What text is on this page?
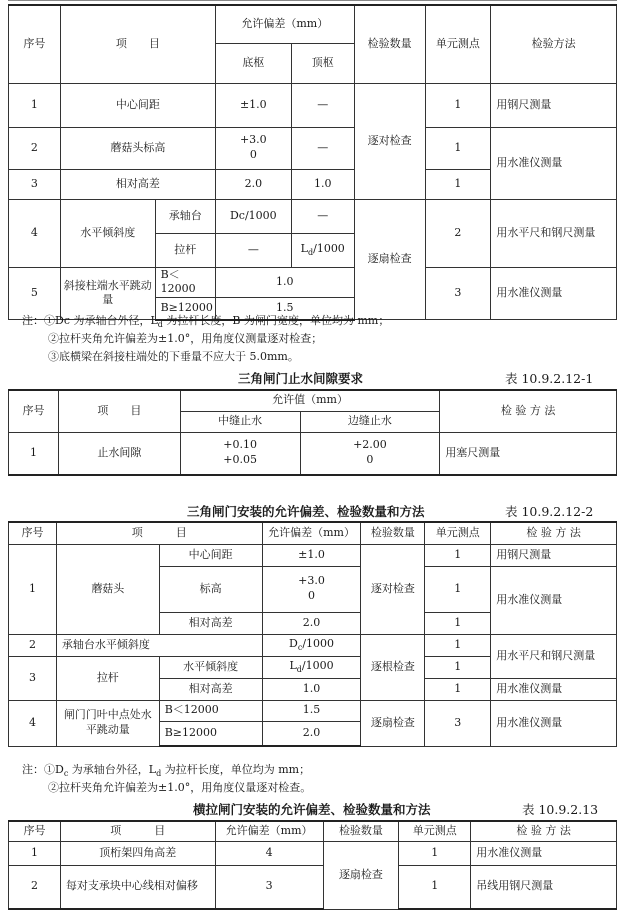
序号	项　　目		允许偏差（mm）		检验数量	单元测点	检验方法
			底枢	顶枢			
1	中心间距		±1.0	—	逐对检查	1	用钢尺测量
2	蘑菇头标高		+3.0
0	—		1	用水准仪测量
3	相对高差		2.0	1.0		1	
4	水平倾斜度	承轴台	Dc/1000	—	逐扇检查	2	用水平尺和钢尺测量
		拉杆	—	$L_d/1000$			
5	斜接柱端水平跳动量	B＜12000	1.0			3	用水准仪测量
		B≥12000	1.5				
注：①Dc 为承轴台外径，$L_d$ 为拉杆长度，B 为闸门宽度，单位均为 mm；
②拉杆夹角允许偏差为±1.0°，用角度仪测量逐对检查；
③底横梁在斜接柱端处的下垂量不应大于 5.0mm。
三角闸门止水间隙要求	表 10.9.2.12-1
序号	项　　目	允许值（mm）		检 验 方 法
		中缝止水	边缝止水	
1	止水间隙	+0.10
+0.05	+2.00
0	用塞尺测量
三角闸门安装的允许偏差、检验数量和方法	表 10.9.2.12-2
序号	项　　　目		允许偏差（mm）	检验数量	单元测点	检 验 方 法
1	蘑菇头	中心间距	±1.0	逐对检查	1	用钢尺测量
		标高	+3.0
0		1	用水准仪测量
		相对高差	2.0		1	
2	承轴台水平倾斜度		$D_c/1000$	逐根检查	1	用水平尺和钢尺测量
3	拉杆	水平倾斜度	$L_d/1000$		1	
		相对高差	1.0		1	用水准仪测量
4	闸门门叶中点处水平跳动量	B＜12000	1.5	逐扇检查	3	用水准仪测量
		B≥12000	2.0			
注：$①D_c$ 为承轴台外径，$L_d$ 为拉杆长度，单位均为 mm；
②拉杆夹角允许偏差为±1.0°，用角度仪量逐对检查。
横拉闸门安装的允许偏差、检验数量和方法	表 10.9.2.13
序号	项　　　目	允许偏差（mm）	检验数量	单元测点	检 验 方 法
1	顶桁架四角高差	4	逐扇检查	1	用水准仪测量
2	每对支承块中心线相对偏移	3		1	吊线用钢尺测量
